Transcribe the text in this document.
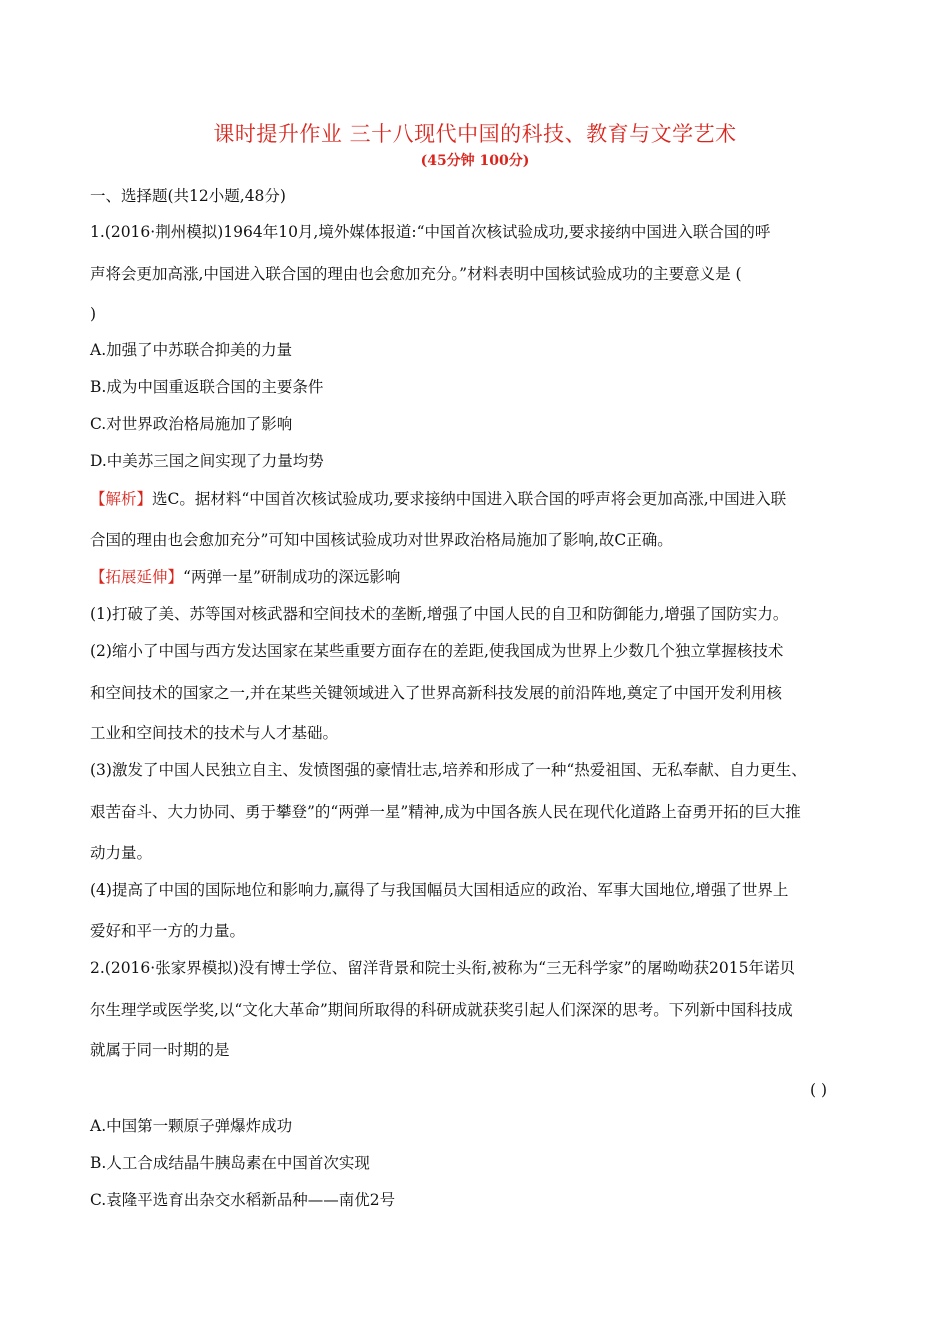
课时提升作业 三十八现代中国的科技、教育与文学艺术
(45分钟 100分)
一、选择题(共12小题,48分)
1.(2016·荆州模拟)1964年10月,境外媒体报道:“中国首次核试验成功,要求接纳中国进入联合国的呼
声将会更加高涨,中国进入联合国的理由也会愈加充分。”材料表明中国核试验成功的主要意义是 (
)
A.加强了中苏联合抑美的力量
B.成为中国重返联合国的主要条件
C.对世界政治格局施加了影响
D.中美苏三国之间实现了力量均势
【解析】选C。据材料“中国首次核试验成功,要求接纳中国进入联合国的呼声将会更加高涨,中国进入联
合国的理由也会愈加充分”可知中国核试验成功对世界政治格局施加了影响,故C正确。
【拓展延伸】“两弹一星”研制成功的深远影响
(1)打破了美、苏等国对核武器和空间技术的垄断,增强了中国人民的自卫和防御能力,增强了国防实力。
(2)缩小了中国与西方发达国家在某些重要方面存在的差距,使我国成为世界上少数几个独立掌握核技术
和空间技术的国家之一,并在某些关键领域进入了世界高新科技发展的前沿阵地,奠定了中国开发利用核
工业和空间技术的技术与人才基础。
(3)激发了中国人民独立自主、发愤图强的豪情壮志,培养和形成了一种“热爱祖国、无私奉献、自力更生、
艰苦奋斗、大力协同、勇于攀登”的“两弹一星”精神,成为中国各族人民在现代化道路上奋勇开拓的巨大推
动力量。
(4)提高了中国的国际地位和影响力,赢得了与我国幅员大国相适应的政治、军事大国地位,增强了世界上
爱好和平一方的力量。
2.(2016·张家界模拟)没有博士学位、留洋背景和院士头衔,被称为“三无科学家”的屠呦呦获2015年诺贝
尔生理学或医学奖,以“文化大革命”期间所取得的科研成就获奖引起人们深深的思考。下列新中国科技成
就属于同一时期的是
( )
A.中国第一颗原子弹爆炸成功
B.人工合成结晶牛胰岛素在中国首次实现
C.袁隆平选育出杂交水稻新品种——南优2号
